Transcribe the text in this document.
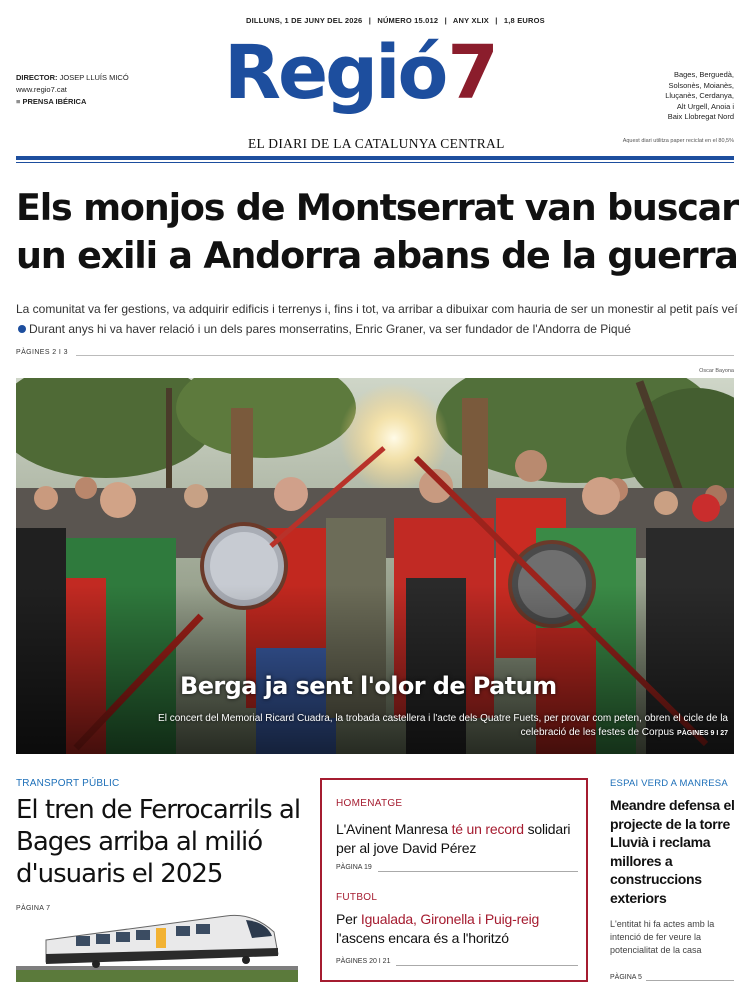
DILLUNS, 1 DE JUNY DEL 2026 | NÚMERO 15.012 | ANY XLIX | 1,8 EUROS
DIRECTOR: JOSEP LLUÍS MICÓ
www.regio7.cat
≡ PRENSA IBÉRICA	Regió7
EL DIARI DE LA CATALUNYA CENTRAL
Bages, Berguedà,
Solsonès, Moianès,
Lluçanès, Cerdanya,
Alt Urgell, Anoia i
Baix Llobregat Nord
Aquest diari utilitza paper reciclat en el 80,5%
Els monjos de Montserrat van buscar un exili a Andorra abans de la guerra

La comunitat va fer gestions, va adquirir edificis i terrenys i, fins i tot, va arribar a dibuixar com hauria de ser un monestir al petit país veí Durant anys hi va haver relació i un dels pares monserratins, Enric Graner, va ser fundador de l'Andorra de Piqué

PÀGINES 2 I 3
Oscar Bayona
Berga ja sent l'olor de Patum
El concert del Memorial Ricard Cuadra, la trobada castellera i l'acte dels Quatre Fuets, per provar com peten, obren el cicle de la celebració de les festes de Corpus PÀGINES 9 I 27
TRANSPORT PÚBLIC
El tren de Ferrocarrils al Bages arriba al milió d'usuaris el 2025
PÀGINA 7
HOMENATGE
L'Avinent Manresa té un record solidari per al jove David Pérez
PÀGINA 19
FUTBOL
Per Igualada, Gironella i Puig-reig l'ascens encara és a l'horitzó
PÀGINES 20 I 21
ESPAI VERD A MANRESA
Meandre defensa el projecte de la torre Lluvià i reclama millores a construccions exteriors
L'entitat hi fa actes amb la intenció de fer veure la potencialitat de la casa
PÀGINA 5
